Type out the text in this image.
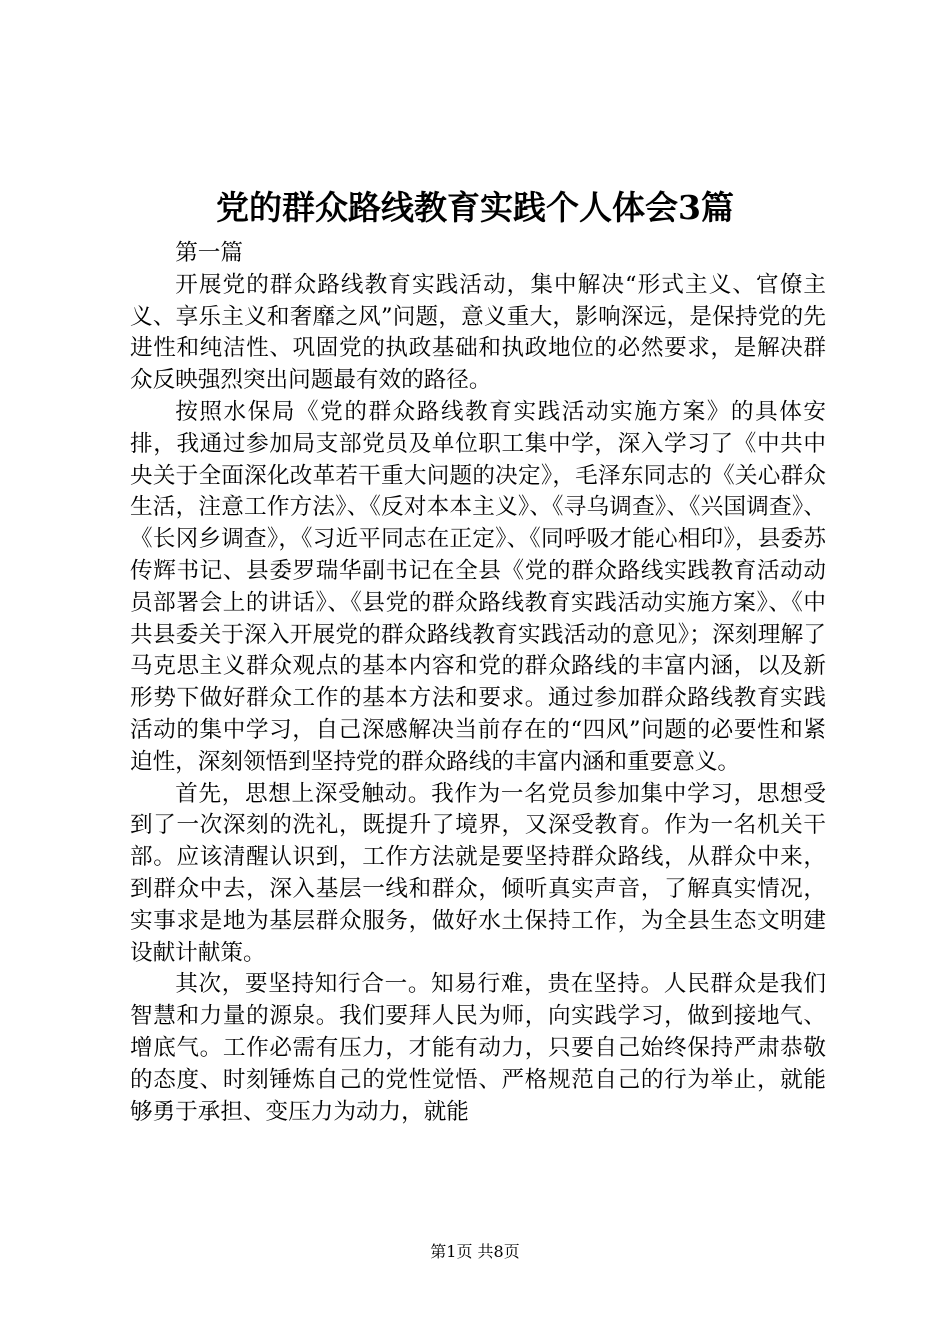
党的群众路线教育实践个人体会3篇

第一篇

开展党的群众路线教育实践活动，集中解决“形式主义、官僚主义、享乐主义和奢靡之风”问题，意义重大，影响深远，是保持党的先进性和纯洁性、巩固党的执政基础和执政地位的必然要求，是解决群众反映强烈突出问题最有效的路径。

按照水保局《党的群众路线教育实践活动实施方案》的具体安排，我通过参加局支部党员及单位职工集中学，深入学习了《中共中央关于全面深化改革若干重大问题的决定》，毛泽东同志的《关心群众生活，注意工作方法》、《反对本本主义》、《寻乌调查》、《兴国调查》、《长冈乡调查》，《习近平同志在正定》、《同呼吸才能心相印》，县委苏传辉书记、县委罗瑞华副书记在全县《党的群众路线实践教育活动动员部署会上的讲话》、《县党的群众路线教育实践活动实施方案》、《中共县委关于深入开展党的群众路线教育实践活动的意见》；深刻理解了马克思主义群众观点的基本内容和党的群众路线的丰富内涵，以及新形势下做好群众工作的基本方法和要求。通过参加群众路线教育实践活动的集中学习，自己深感解决当前存在的“四风”问题的必要性和紧迫性，深刻领悟到坚持党的群众路线的丰富内涵和重要意义。

首先，思想上深受触动。我作为一名党员参加集中学习，思想受到了一次深刻的洗礼，既提升了境界，又深受教育。作为一名机关干部。应该清醒认识到，工作方法就是要坚持群众路线，从群众中来，到群众中去，深入基层一线和群众，倾听真实声音，了解真实情况，实事求是地为基层群众服务，做好水土保持工作，为全县生态文明建设献计献策。

其次，要坚持知行合一。知易行难，贵在坚持。人民群众是我们智慧和力量的源泉。我们要拜人民为师，向实践学习，做到接地气、增底气。工作必需有压力，才能有动力，只要自己始终保持严肃恭敬的态度、时刻锤炼自己的党性觉悟、严格规范自己的行为举止，就能够勇于承担、变压力为动力，就能

第1页 共8页
